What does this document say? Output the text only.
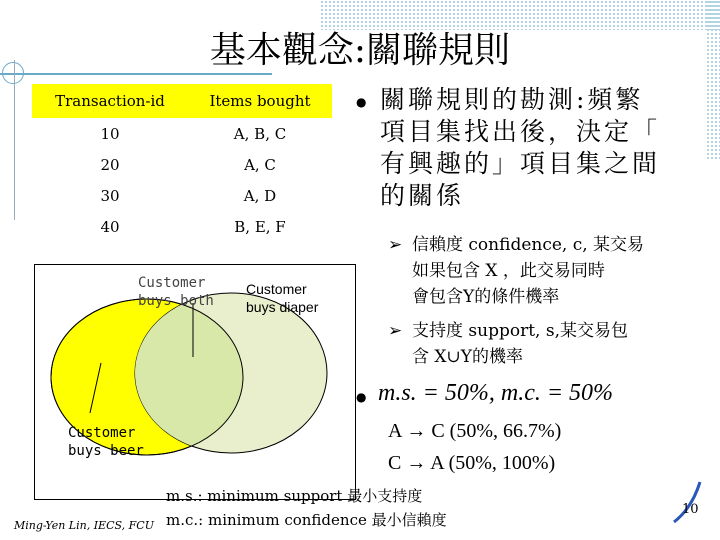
基本觀念:關聯規則
Transaction-id	Items bought
10	A, B, C
20	A, C
30	A, D
40	B, E, F
● 關聯規則的勘測:頻繁
項目集找出後，決定「
有興趣的」項目集之間
的關係
➢ 信賴度 confidence, c, 某交易
如果包含 X ，此交易同時
會包含Y的條件機率
➢ 支持度 support, s,某交易包
含 X∪Y的機率
● m.s. = 50%, m.c. = 50%
A → C (50%, 66.7%)
C → A (50%, 100%)
Customer
buys both
Customer
buys diaper
Customer
buys beer
Ming-Yen Lin, IECS, FCU
m.s.: minimum support 最小支持度
m.c.: minimum confidence 最小信賴度
10
